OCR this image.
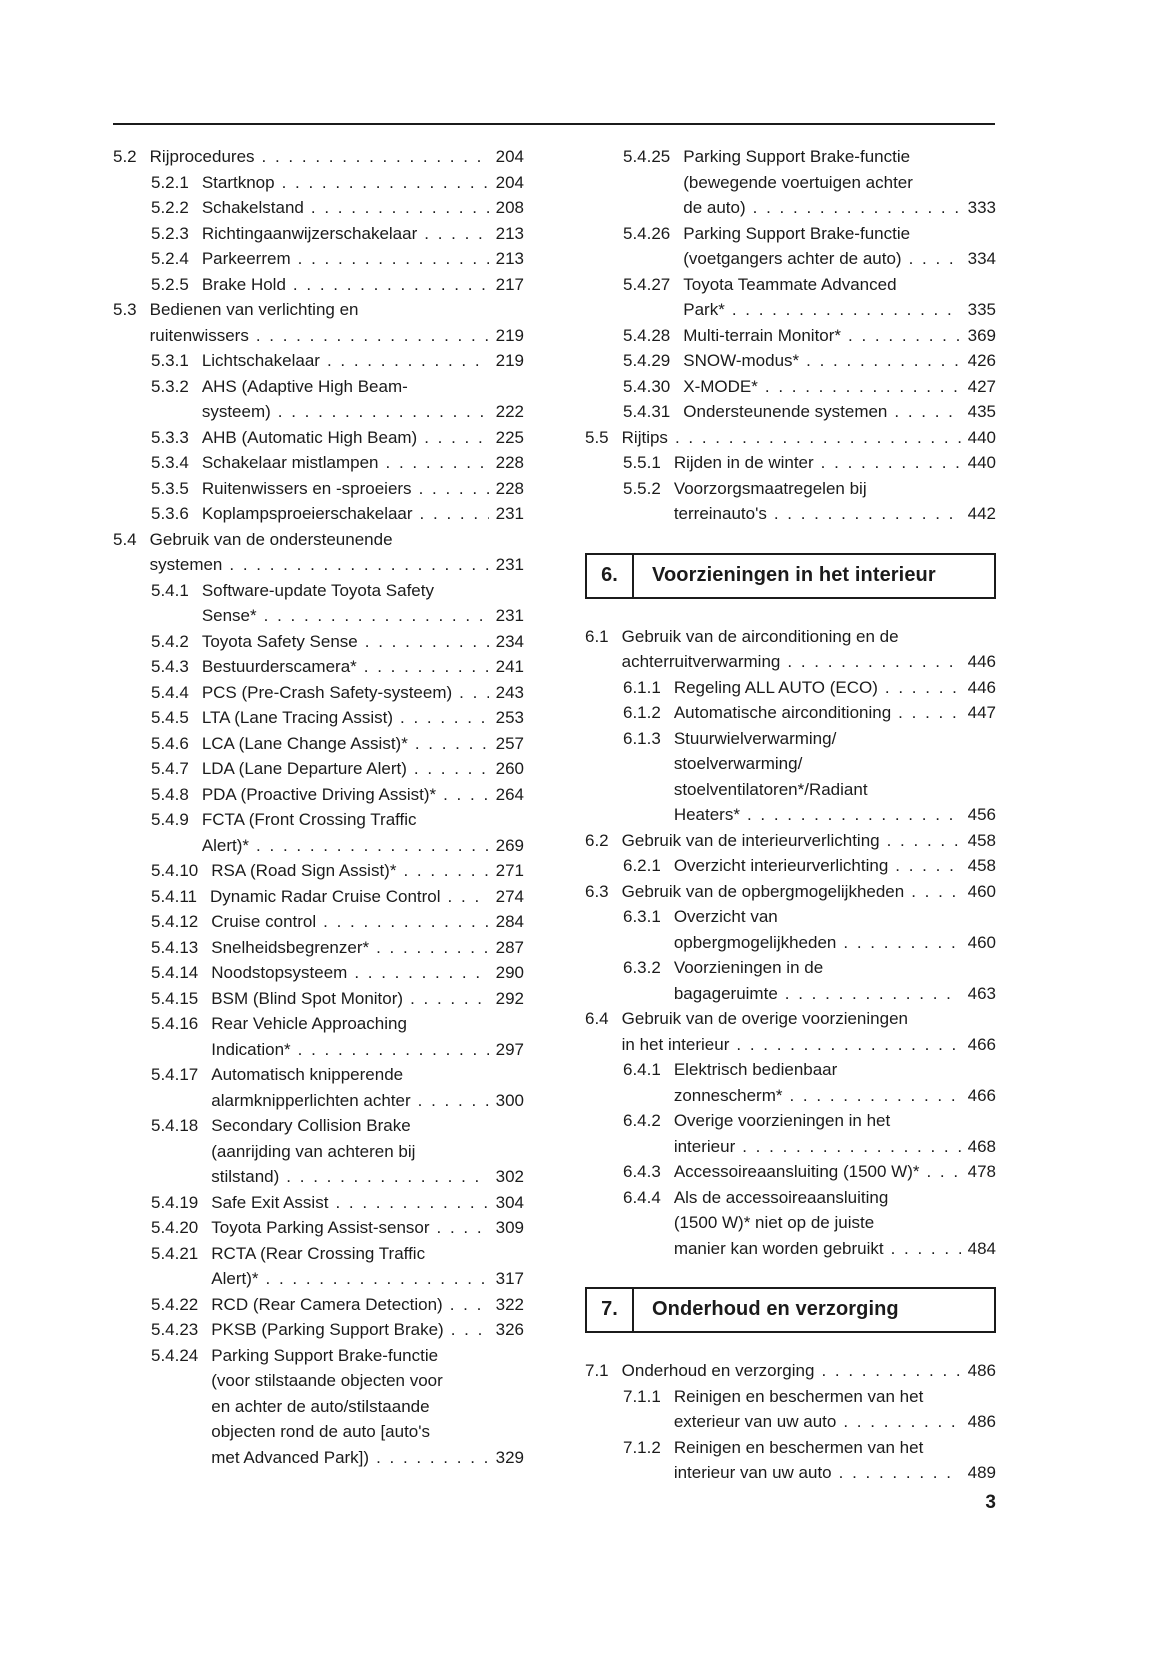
5.2 Rijprocedures . . .	204
5.2.1 Startknop . . .	204
5.2.2 Schakelstand . . .	208
5.2.3 Richtingaanwijzerschakelaar . . .	213
5.2.4 Parkeerrem . . .	213
5.2.5 Brake Hold . . .	217
5.3 Bedienen van verlichting en
ruitenwissers . . .	219
5.3.1 Lichtschakelaar . . .	219
5.3.2 AHS (Adaptive High Beam-
systeem) . . .	222
5.3.3 AHB (Automatic High Beam) . . .	225
5.3.4 Schakelaar mistlampen . . .	228
5.3.5 Ruitenwissers en -sproeiers . . .	228
5.3.6 Koplampsproeierschakelaar . . .	231
5.4 Gebruik van de ondersteunende
systemen . . .	231
5.4.1 Software-update Toyota Safety
Sense* . . .	231
5.4.2 Toyota Safety Sense . . .	234
5.4.3 Bestuurderscamera* . . .	241
5.4.4 PCS (Pre-Crash Safety-systeem) . . .	243
5.4.5 LTA (Lane Tracing Assist) . . .	253
5.4.6 LCA (Lane Change Assist)* . . .	257
5.4.7 LDA (Lane Departure Alert) . . .	260
5.4.8 PDA (Proactive Driving Assist)* . . .	264
5.4.9 FCTA (Front Crossing Traffic
Alert)* . . .	269
5.4.10 RSA (Road Sign Assist)* . . .	271
5.4.11 Dynamic Radar Cruise Control . . .	274
5.4.12 Cruise control . . .	284
5.4.13 Snelheidsbegrenzer* . . .	287
5.4.14 Noodstopsysteem . . .	290
5.4.15 BSM (Blind Spot Monitor) . . .	292
5.4.16 Rear Vehicle Approaching
Indication* . . .	297
5.4.17 Automatisch knipperende
alarmknipperlichten achter . . .	300
5.4.18 Secondary Collision Brake
(aanrijding van achteren bij
stilstand) . . .	302
5.4.19 Safe Exit Assist . . .	304
5.4.20 Toyota Parking Assist-sensor . . .	309
5.4.21 RCTA (Rear Crossing Traffic
Alert)* . . .	317
5.4.22 RCD (Rear Camera Detection) . . .	322
5.4.23 PKSB (Parking Support Brake) . . .	326
5.4.24 Parking Support Brake-functie
(voor stilstaande objecten voor
en achter de auto/stilstaande
objecten rond de auto [auto's
met Advanced Park]) . . .	329
5.4.25 Parking Support Brake-functie
(bewegende voertuigen achter
de auto) . . .	333
5.4.26 Parking Support Brake-functie
(voetgangers achter de auto) . . .	334
5.4.27 Toyota Teammate Advanced
Park* . . .	335
5.4.28 Multi-terrain Monitor* . . .	369
5.4.29 SNOW-modus* . . .	426
5.4.30 X-MODE* . . .	427
5.4.31 Ondersteunende systemen . . .	435
5.5 Rijtips . . .	440
5.5.1 Rijden in de winter . . .	440
5.5.2 Voorzorgsmaatregelen bij
terreinauto's . . .	442
6.	Voorzieningen in het interieur
6.1 Gebruik van de airconditioning en de
achterruitverwarming . . .	446
6.1.1 Regeling ALL AUTO (ECO) . . .	446
6.1.2 Automatische airconditioning . . .	447
6.1.3 Stuurwielverwarming/
stoelverwarming/
stoelventilatoren*/Radiant
Heaters* . . .	456
6.2 Gebruik van de interieurverlichting . . .	458
6.2.1 Overzicht interieurverlichting . . .	458
6.3 Gebruik van de opbergmogelijkheden . . .	460
6.3.1 Overzicht van
opbergmogelijkheden . . .	460
6.3.2 Voorzieningen in de
bagageruimte . . .	463
6.4 Gebruik van de overige voorzieningen
in het interieur . . .	466
6.4.1 Elektrisch bedienbaar
zonnescherm* . . .	466
6.4.2 Overige voorzieningen in het
interieur . . .	468
6.4.3 Accessoireaansluiting (1500 W)* . . .	478
6.4.4 Als de accessoireaansluiting
(1500 W)* niet op de juiste
manier kan worden gebruikt . . .	484
7.	Onderhoud en verzorging
7.1 Onderhoud en verzorging . . .	486
7.1.1 Reinigen en beschermen van het
exterieur van uw auto . . .	486
7.1.2 Reinigen en beschermen van het
interieur van uw auto . . .	489
3
